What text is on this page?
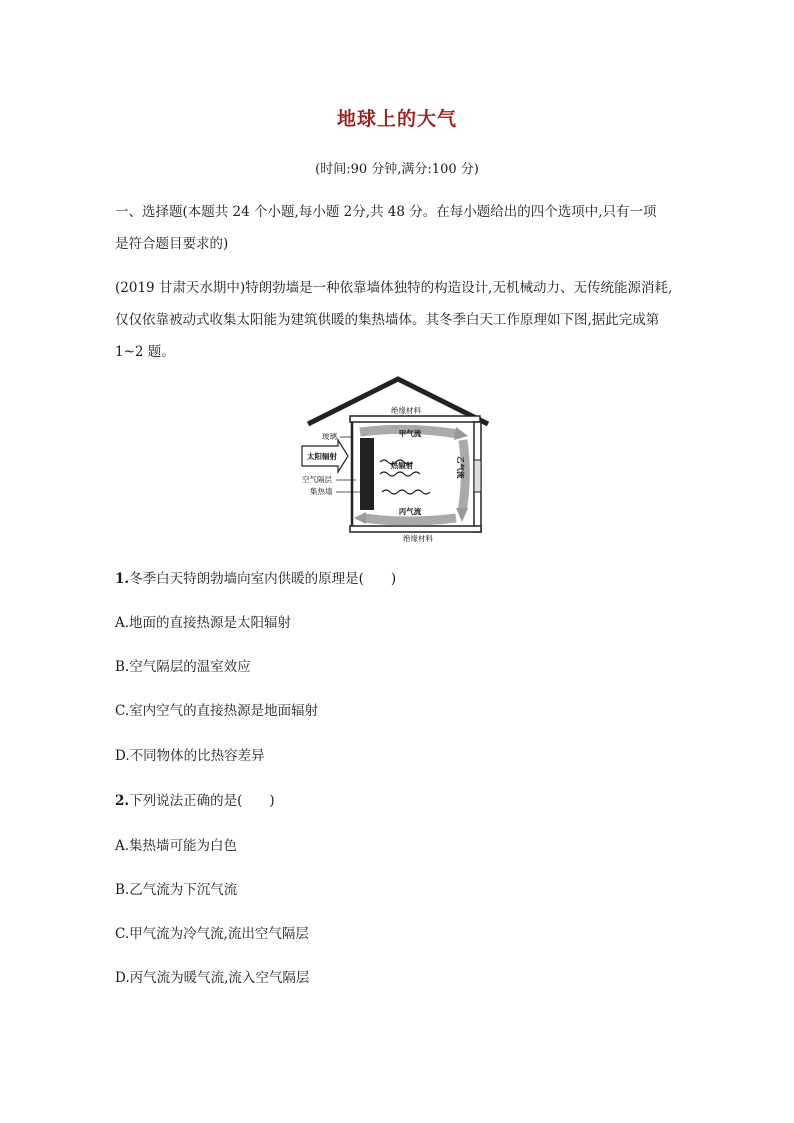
地球上的大气
(时间:90 分钟,满分:100 分)
一、选择题(本题共 24 个小题,每小题 2分,共 48 分。在每小题给出的四个选项中,只有一项
是符合题目要求的)
(2019 甘肃天水期中)特朗勃墙是一种依靠墙体独特的构造设计,无机械动力、无传统能源消耗,
仅仅依靠被动式收集太阳能为建筑供暖的集热墙体。其冬季白天工作原理如下图,据此完成第
1~2 题。
绝缘材料
绝缘材料
太阳辐射
玻璃
空气隔层
集热墙
甲气流
热辐射
丙气流
乙气流
1.冬季白天特朗勃墙向室内供暖的原理是(　　)
A.地面的直接热源是太阳辐射
B.空气隔层的温室效应
C.室内空气的直接热源是地面辐射
D.不同物体的比热容差异
2.下列说法正确的是(　　)
A.集热墙可能为白色
B.乙气流为下沉气流
C.甲气流为冷气流,流出空气隔层
D.丙气流为暖气流,流入空气隔层
